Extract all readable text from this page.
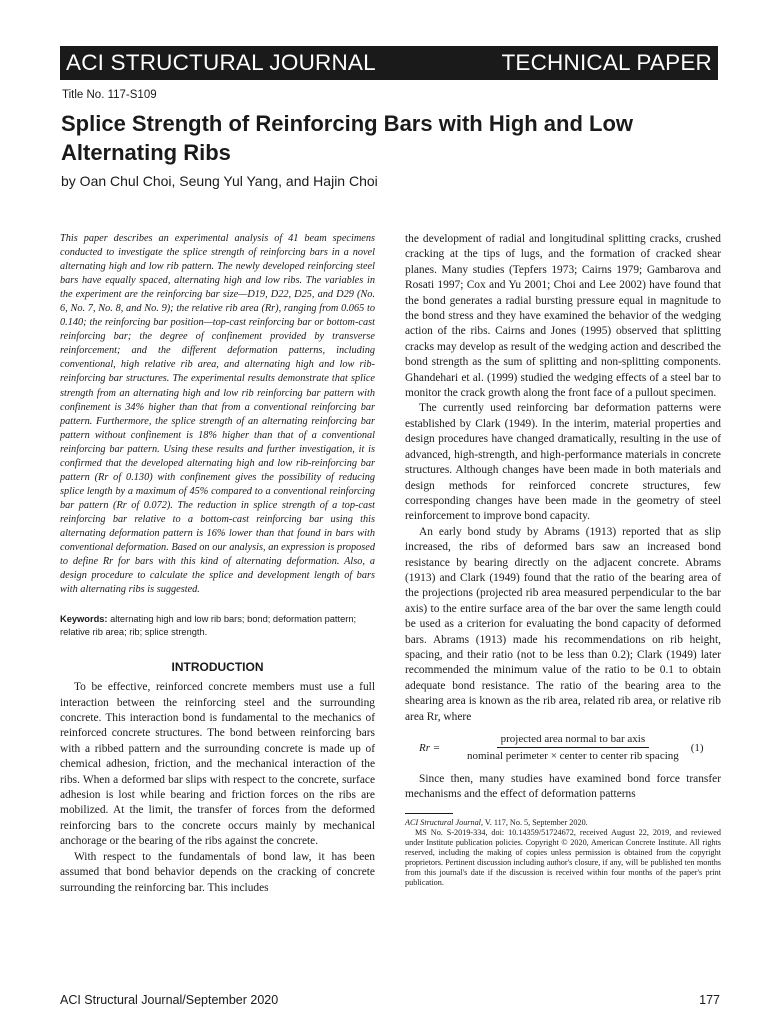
ACI STRUCTURAL JOURNAL	TECHNICAL PAPER
Title No. 117-S109
Splice Strength of Reinforcing Bars with High and Low Alternating Ribs
by Oan Chul Choi, Seung Yul Yang, and Hajin Choi

This paper describes an experimental analysis of 41 beam specimens conducted to investigate the splice strength of reinforcing bars in a novel alternating high and low rib pattern. The newly developed reinforcing steel bars have equally spaced, alternating high and low ribs. The variables in the experiment are the reinforcing bar size—D19, D22, D25, and D29 (No. 6, No. 7, No. 8, and No. 9); the relative rib area (Rr), ranging from 0.065 to 0.140; the reinforcing bar position—top-cast reinforcing bar or bottom-cast reinforcing bar; the degree of confinement provided by transverse reinforcement; and the different deformation patterns, including conventional, high relative rib area, and alternating high and low rib-reinforcing bar structures. The experimental results demonstrate that splice strength from an alternating high and low rib reinforcing bar pattern with confinement is 34% higher than that from a conventional reinforcing bar pattern. Furthermore, the splice strength of an alternating reinforcing bar pattern without confinement is 18% higher than that of a conventional reinforcing bar pattern. Using these results and further investigation, it is confirmed that the developed alternating high and low rib-reinforcing bar pattern (Rr of 0.130) with confinement gives the possibility of reducing splice length by a maximum of 45% compared to a conventional reinforcing bar pattern (Rr of 0.072). The reduction in splice strength of a top-cast reinforcing bar relative to a bottom-cast reinforcing bar using this alternating deformation pattern is 16% lower than that found in bars with conventional deformation. Based on our analysis, an expression is proposed to define Rr for bars with this kind of alternating deformation. Also, a design procedure to calculate the splice and development length of bars with alternating ribs is suggested.

Keywords: alternating high and low rib bars; bond; deformation pattern; relative rib area; rib; splice strength.

INTRODUCTION

To be effective, reinforced concrete members must use a full interaction between the reinforcing steel and the surrounding concrete. This interaction bond is fundamental to the mechanics of reinforced concrete structures. The bond between reinforcing bars with a ribbed pattern and the surrounding concrete is made up of chemical adhesion, friction, and the mechanical interaction of the ribs. When a deformed bar slips with respect to the concrete, surface adhesion is lost while bearing and friction forces on the ribs are mobilized. At the limit, the transfer of forces from the deformed reinforcing bars to the concrete occurs mainly by mechanical anchorage or the bearing of the ribs against the concrete.

With respect to the fundamentals of bond law, it has been assumed that bond behavior depends on the cracking of concrete surrounding the reinforcing bar. This includes

the development of radial and longitudinal splitting cracks, crushed cracking at the tips of lugs, and the formation of cracked shear planes. Many studies (Tepfers 1973; Cairns 1979; Gambarova and Rosati 1997; Cox and Yu 2001; Choi and Lee 2002) have found that the bond generates a radial bursting pressure equal in magnitude to the bond stress and they have examined the behavior of the wedging action of the ribs. Cairns and Jones (1995) observed that splitting cracks may develop as result of the wedging action and described the bond strength as the sum of splitting and non-splitting components. Ghandehari et al. (1999) studied the wedging effects of a steel bar to monitor the crack growth along the front face of a pullout specimen.

The currently used reinforcing bar deformation patterns were established by Clark (1949). In the interim, material properties and design procedures have changed dramatically, resulting in the use of advanced, high-strength, and high-performance materials in concrete structures. Although changes have been made in both materials and design methods for reinforced concrete structures, few corresponding changes have been made in the geometry of steel reinforcement to improve bond capacity.

An early bond study by Abrams (1913) reported that as slip increased, the ribs of deformed bars saw an increased bond resistance by bearing directly on the adjacent concrete. Abrams (1913) and Clark (1949) found that the ratio of the bearing area of the projections (projected rib area measured perpendicular to the bar axis) to the entire surface area of the bar over the same length could be used as a criterion for evaluating the bond capacity of deformed bars. Abrams (1913) made his recommendations on rib height, spacing, and their ratio (not to be less than 0.2); Clark (1949) later recommended the minimum value of the ratio to be 0.1 to obtain adequate bond resistance. The ratio of the bearing area to the shearing area is known as the rib area, related rib area, or relative rib area Rr, where

Rr =	$\frac{\text{projected area normal to bar axis}}{\text{nominal perimeter × center to center rib spacing}} (1)$

Since then, many studies have examined bond force transfer mechanisms and the effect of deformation patterns

ACI Structural Journal, V. 117, No. 5, September 2020.

MS No. S-2019-334, doi: 10.14359/51724672, received August 22, 2019, and reviewed under Institute publication policies. Copyright © 2020, American Concrete Institute. All rights reserved, including the making of copies unless permission is obtained from the copyright proprietors. Pertinent discussion including author's closure, if any, will be published ten months from this journal's date if the discussion is received within four months of the paper's print publication.

ACI Structural Journal/September 2020	177
